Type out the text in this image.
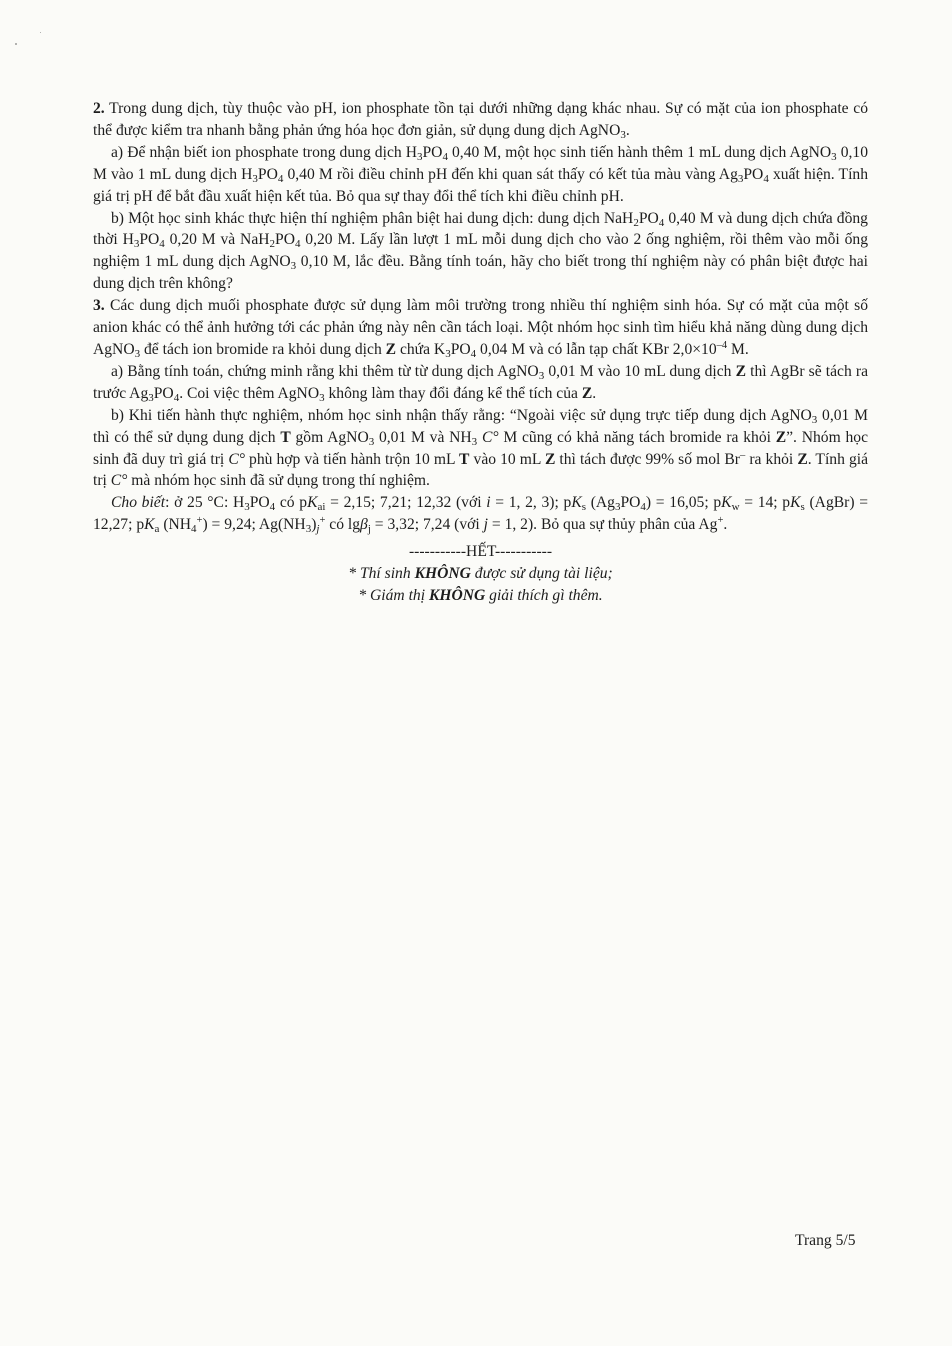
2. Trong dung dịch, tùy thuộc vào pH, ion phosphate tồn tại dưới những dạng khác nhau. Sự có mặt của ion phosphate có thể được kiểm tra nhanh bằng phản ứng hóa học đơn giản, sử dụng dung dịch AgNO$_3$.

a) Để nhận biết ion phosphate trong dung dịch $H_3PO_4$ 0,40 M, một học sinh tiến hành thêm 1 mL dung dịch AgNO$_3$ 0,10 M vào 1 mL dung dịch $H_3PO_4$ 0,40 M rồi điều chỉnh pH đến khi quan sát thấy có kết tủa màu vàng $Ag_3PO_4$ xuất hiện. Tính giá trị pH để bắt đầu xuất hiện kết tủa. Bỏ qua sự thay đổi thể tích khi điều chỉnh pH.

b) Một học sinh khác thực hiện thí nghiệm phân biệt hai dung dịch: dung dịch $NaH_2PO_4$ 0,40 M và dung dịch chứa đồng thời $H_3PO_4$ 0,20 M và $NaH_2PO_4$ 0,20 M. Lấy lần lượt 1 mL mỗi dung dịch cho vào 2 ống nghiệm, rồi thêm vào mỗi ống nghiệm 1 mL dung dịch AgNO$_3$ 0,10 M, lắc đều. Bằng tính toán, hãy cho biết trong thí nghiệm này có phân biệt được hai dung dịch trên không?

3. Các dung dịch muối phosphate được sử dụng làm môi trường trong nhiều thí nghiệm sinh hóa. Sự có mặt của một số anion khác có thể ảnh hưởng tới các phản ứng này nên cần tách loại. Một nhóm học sinh tìm hiểu khả năng dùng dung dịch AgNO$_3$ để tách ion bromide ra khỏi dung dịch Z chứa $K_3PO_4$ 0,04 M và có lẫn tạp chất KBr $2,0\times 10^{-4}$ M.

a) Bằng tính toán, chứng minh rằng khi thêm từ từ dung dịch AgNO$_3$ 0,01 M vào 10 mL dung dịch Z thì AgBr sẽ tách ra trước $Ag_3PO_4$. Coi việc thêm AgNO$_3$ không làm thay đổi đáng kể thể tích của Z.

b) Khi tiến hành thực nghiệm, nhóm học sinh nhận thấy rằng: “Ngoài việc sử dụng trực tiếp dung dịch AgNO$_3$ 0,01 M thì có thể sử dụng dung dịch T gồm AgNO$_3$ 0,01 M và $NH_3$ C° M cũng có khả năng tách bromide ra khỏi Z”. Nhóm học sinh đã duy trì giá trị C° phù hợp và tiến hành trộn 10 mL T vào 10 mL Z thì tách được 99% số mol Br– ra khỏi Z. Tính giá trị C° mà nhóm học sinh đã sử dụng trong thí nghiệm.

Cho biết: ở 25 °C: $H_3PO_4$ có $pK_{ai} = 2,15$; 7,21; 12,32 (với i = 1, 2, 3); $pK_s$ $(Ag_3PO_4) = 16,05$; $pK_w = 14$; $pK_s$ (AgBr) = 12,27; $pK_a$ $(NH_4^+) = 9,24$; $Ag(NH_3)_j^+$ có lgβ$_j$ = 3,32; 7,24 (với j = 1, 2). Bỏ qua sự thủy phân của Ag+.

-----------HẾT-----------
* Thí sinh KHÔNG được sử dụng tài liệu;
* Giám thị KHÔNG giải thích gì thêm.
Trang 5/5
